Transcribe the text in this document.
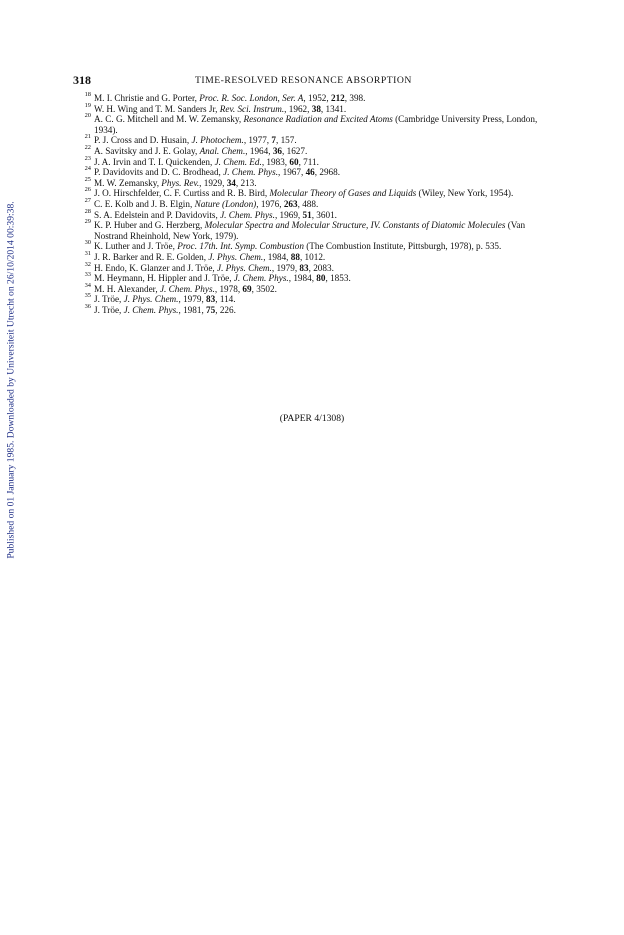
Published on 01 January 1985. Downloaded by Universiteit Utrecht on 26/10/2014 00:39:38.
318	TIME-RESOLVED RESONANCE ABSORPTION
18 M. I. Christie and G. Porter, Proc. R. Soc. London, Ser. A, 1952, 212, 398.
19 W. H. Wing and T. M. Sanders Jr, Rev. Sci. Instrum., 1962, 38, 1341.
20 A. C. G. Mitchell and M. W. Zemansky, Resonance Radiation and Excited Atoms (Cambridge University Press, London, 1934).
21 P. J. Cross and D. Husain, J. Photochem., 1977, 7, 157.
22 A. Savitsky and J. E. Golay, Anal. Chem., 1964, 36, 1627.
23 J. A. Irvin and T. I. Quickenden, J. Chem. Ed., 1983, 60, 711.
24 P. Davidovits and D. C. Brodhead, J. Chem. Phys., 1967, 46, 2968.
25 M. W. Zemansky, Phys. Rev., 1929, 34, 213.
26 J. O. Hirschfelder, C. F. Curtiss and R. B. Bird, Molecular Theory of Gases and Liquids (Wiley, New York, 1954).
27 C. E. Kolb and J. B. Elgin, Nature (London), 1976, 263, 488.
28 S. A. Edelstein and P. Davidovits, J. Chem. Phys., 1969, 51, 3601.
29 K. P. Huber and G. Herzberg, Molecular Spectra and Molecular Structure, IV. Constants of Diatomic Molecules (Van Nostrand Rheinhold, New York, 1979).
30 K. Luther and J. Tröe, Proc. 17th. Int. Symp. Combustion (The Combustion Institute, Pittsburgh, 1978), p. 535.
31 J. R. Barker and R. E. Golden, J. Phys. Chem., 1984, 88, 1012.
32 H. Endo, K. Glanzer and J. Tröe, J. Phys. Chem., 1979, 83, 2083.
33 M. Heymann, H. Hippler and J. Tröe, J. Chem. Phys., 1984, 80, 1853.
34 M. H. Alexander, J. Chem. Phys., 1978, 69, 3502.
35 J. Tröe, J. Phys. Chem., 1979, 83, 114.
36 J. Tröe, J. Chem. Phys., 1981, 75, 226.
(PAPER 4/1308)
